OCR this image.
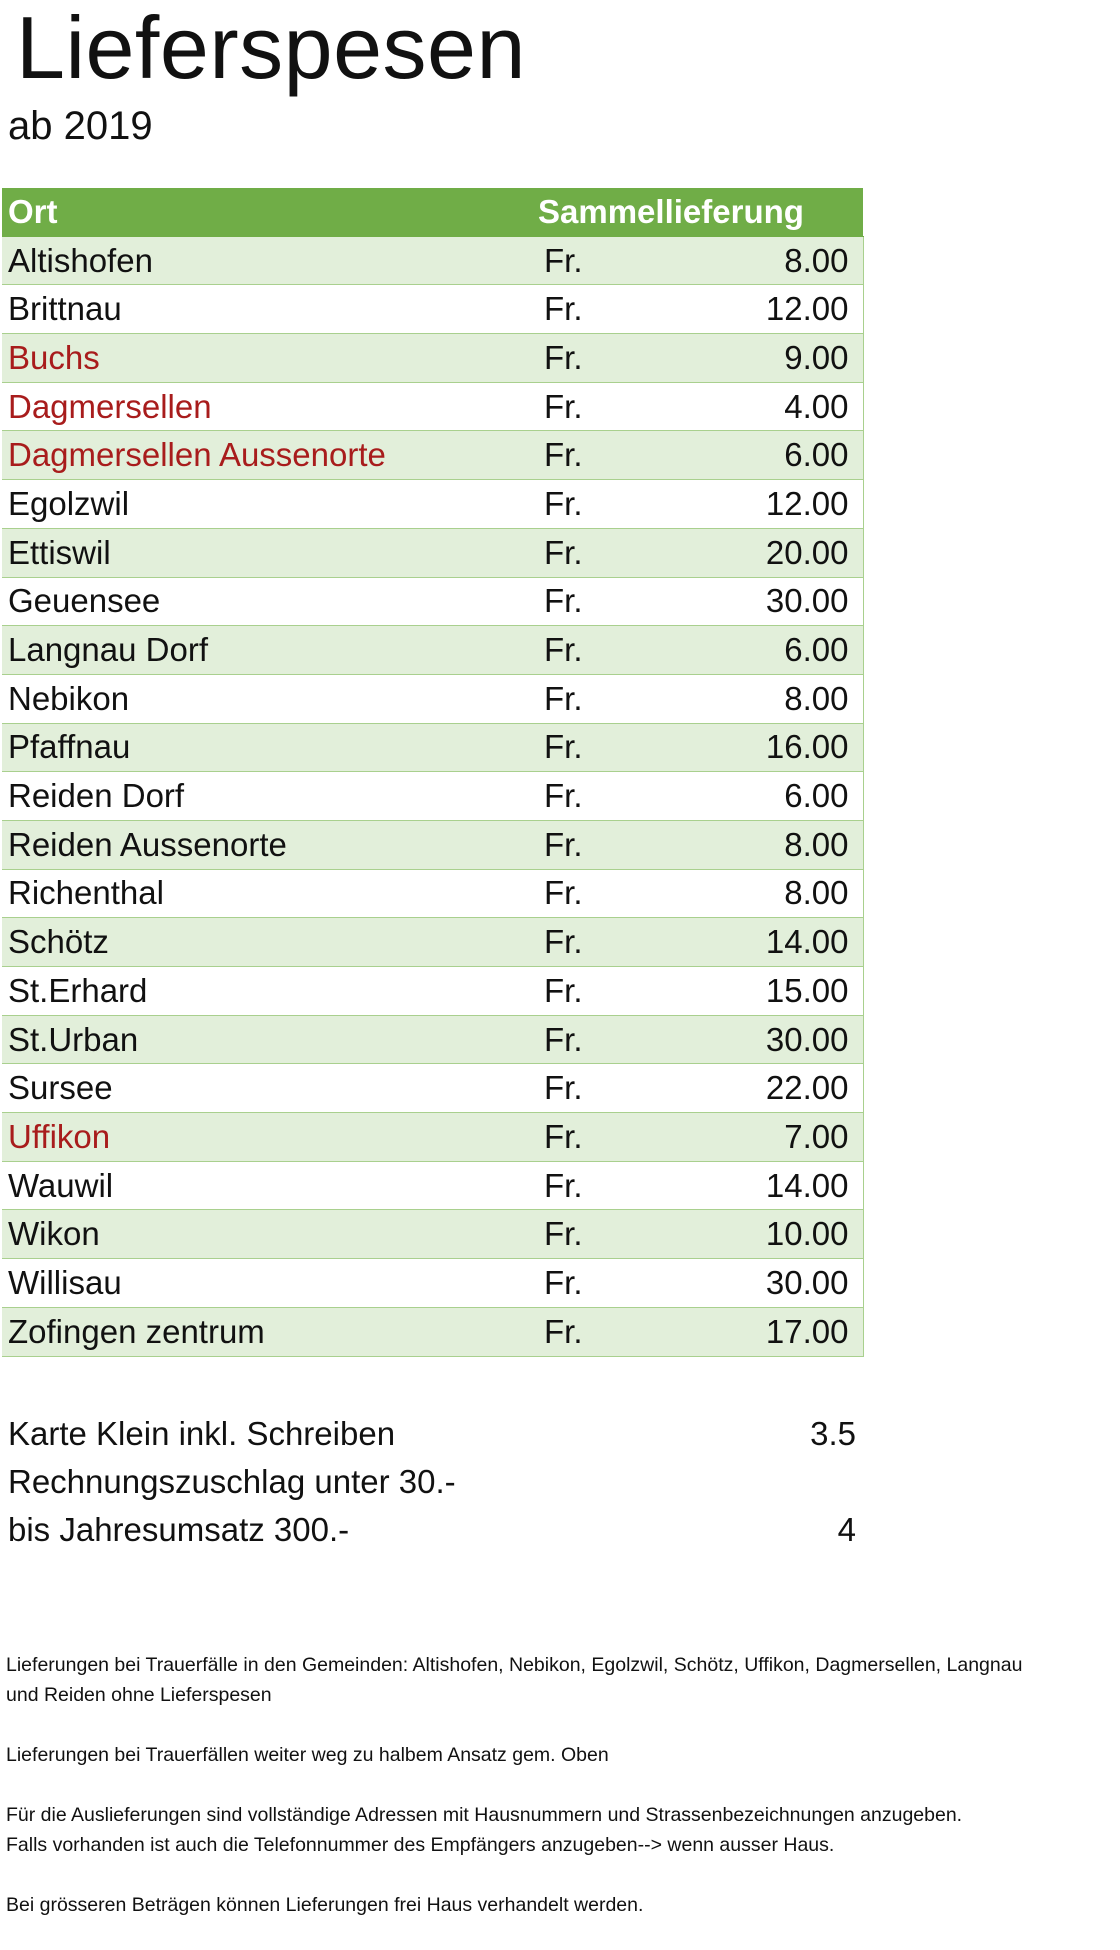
Lieferspesen
ab 2019
Ort	Sammellieferung	
Altishofen	Fr.	8.00
Brittnau	Fr.	12.00
Buchs	Fr.	9.00
Dagmersellen	Fr.	4.00
Dagmersellen Aussenorte	Fr.	6.00
Egolzwil	Fr.	12.00
Ettiswil	Fr.	20.00
Geuensee	Fr.	30.00
Langnau Dorf	Fr.	6.00
Nebikon	Fr.	8.00
Pfaffnau	Fr.	16.00
Reiden Dorf	Fr.	6.00
Reiden Aussenorte	Fr.	8.00
Richenthal	Fr.	8.00
Schötz	Fr.	14.00
St.Erhard	Fr.	15.00
St.Urban	Fr.	30.00
Sursee	Fr.	22.00
Uffikon	Fr.	7.00
Wauwil	Fr.	14.00
Wikon	Fr.	10.00
Willisau	Fr.	30.00
Zofingen zentrum	Fr.	17.00
Karte Klein inkl. Schreiben	3.5
Rechnungszuschlag unter 30.-
bis Jahresumsatz 300.-	4

Lieferungen bei Trauerfälle in den Gemeinden: Altishofen, Nebikon, Egolzwil, Schötz, Uffikon, Dagmersellen, Langnau
und Reiden ohne Lieferspesen

Lieferungen bei Trauerfällen weiter weg zu halbem Ansatz gem. Oben

Für die Auslieferungen sind vollständige Adressen mit Hausnummern und Strassenbezeichnungen anzugeben.
Falls vorhanden ist auch die Telefonnummer des Empfängers anzugeben--> wenn ausser Haus.

Bei grösseren Beträgen können Lieferungen frei Haus verhandelt werden.
